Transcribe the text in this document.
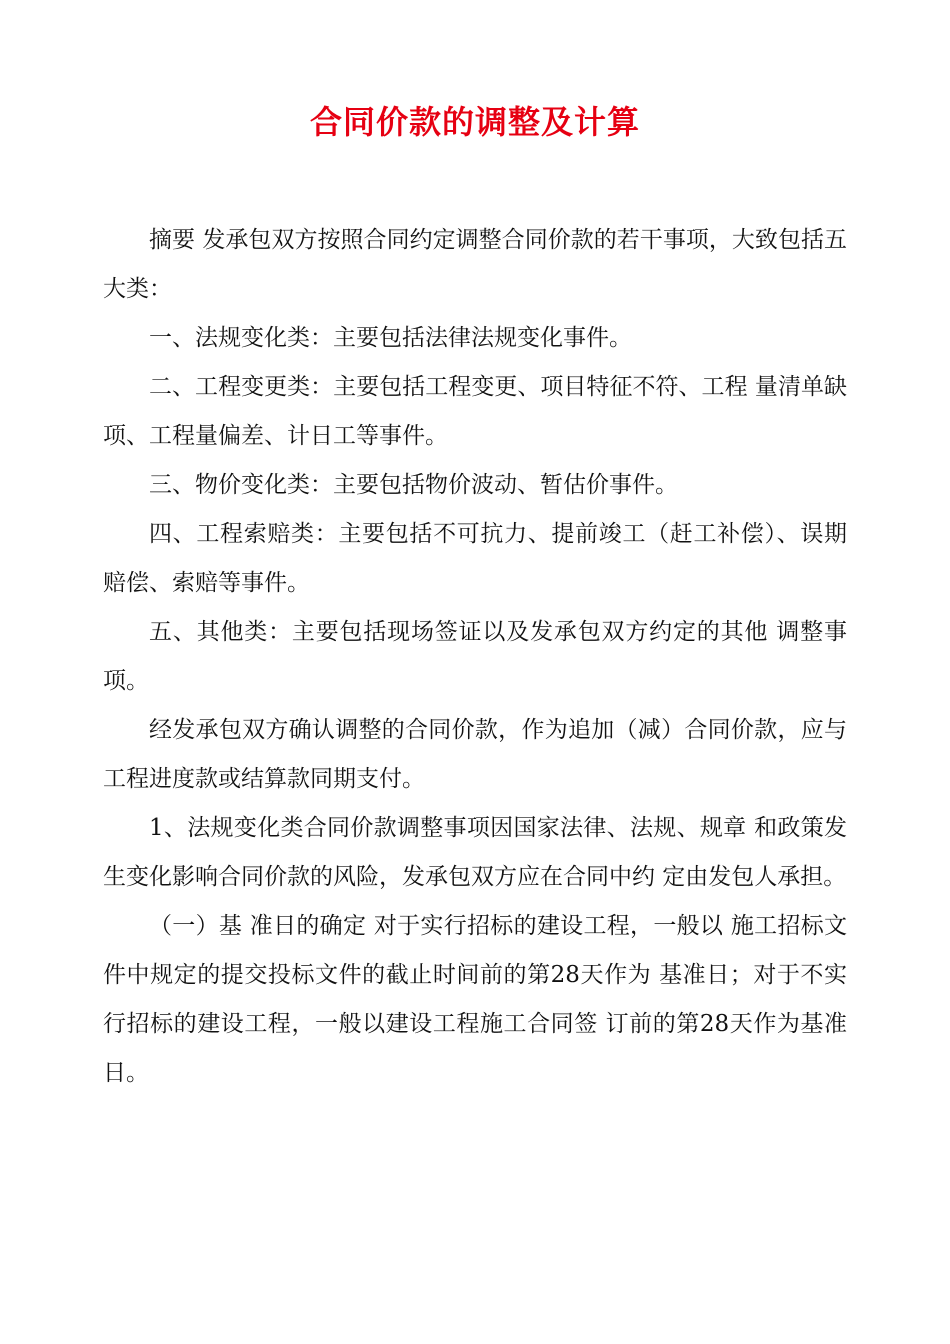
合同价款的调整及计算

摘要 发承包双方按照合同约定调整合同价款的若干事项，大致包括五大类：

一、法规变化类：主要包括法律法规变化事件。

二、工程变更类：主要包括工程变更、项目特征不符、工程 量清单缺项、工程量偏差、计日工等事件。

三、物价变化类：主要包括物价波动、暂估价事件。

四、工程索赔类：主要包括不可抗力、提前竣工（赶工补偿）、误期赔偿、索赔等事件。

五、其他类：主要包括现场签证以及发承包双方约定的其他 调整事项。

经发承包双方确认调整的合同价款，作为追加（减）合同价款，应与工程进度款或结算款同期支付。

1、法规变化类合同价款调整事项因国家法律、法规、规章 和政策发生变化影响合同价款的风险，发承包双方应在合同中约 定由发包人承担。

（一）基 准日的确定 对于实行招标的建设工程，一般以 施工招标文件中规定的提交投标文件的截止时间前的第28天作为 基准日；对于不实行招标的建设工程，一般以建设工程施工合同签 订前的第28天作为基准日。
